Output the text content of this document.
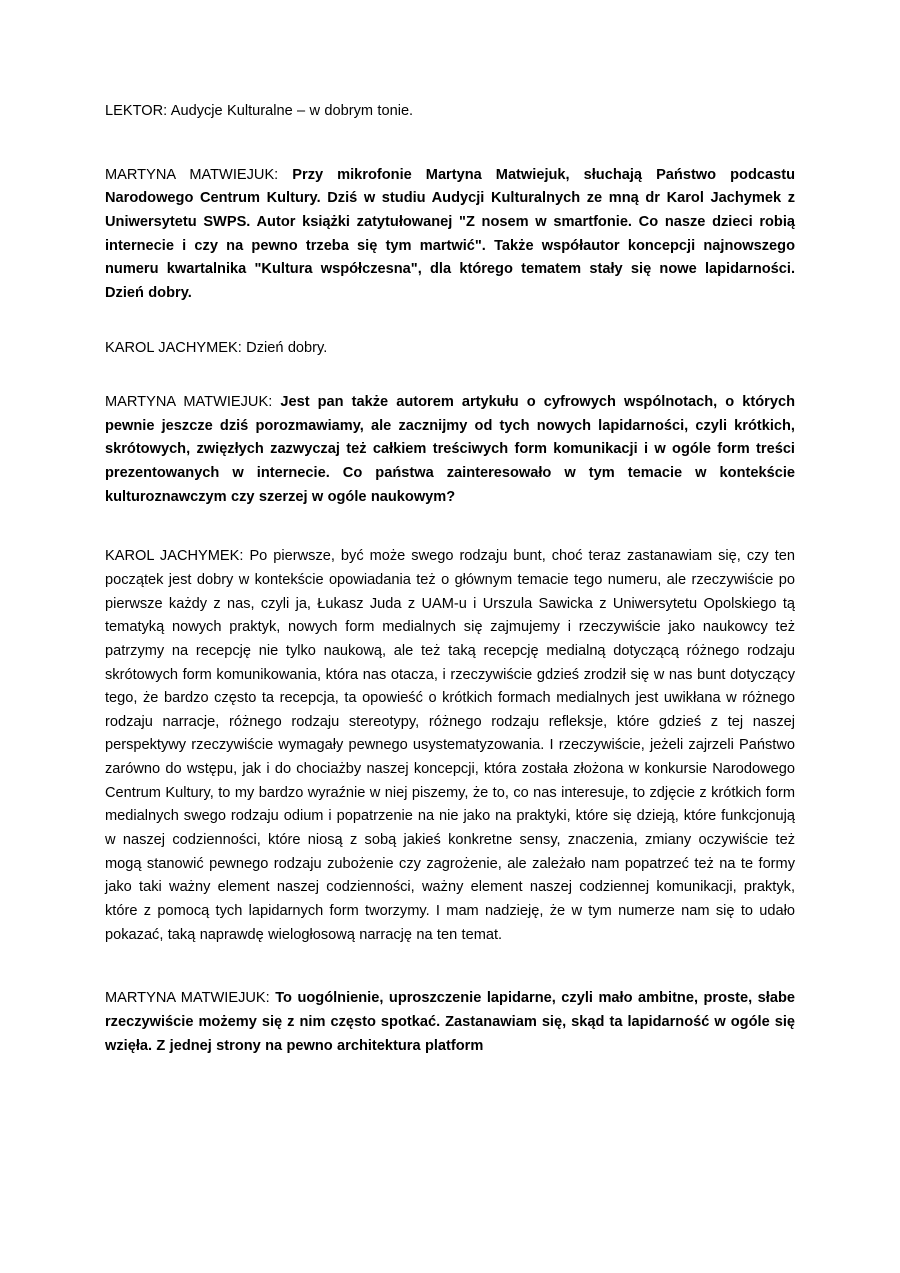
LEKTOR: Audycje Kulturalne – w dobrym tonie.

MARTYNA MATWIEJUK: Przy mikrofonie Martyna Matwiejuk, słuchają Państwo podcastu Narodowego Centrum Kultury. Dziś w studiu Audycji Kulturalnych ze mną dr Karol Jachymek z Uniwersytetu SWPS. Autor książki zatytułowanej "Z nosem w smartfonie. Co nasze dzieci robią internecie i czy na pewno trzeba się tym martwić". Także współautor koncepcji najnowszego numeru kwartalnika "Kultura współczesna", dla którego tematem stały się nowe lapidarności. Dzień dobry.

KAROL JACHYMEK: Dzień dobry.

MARTYNA MATWIEJUK: Jest pan także autorem artykułu o cyfrowych wspólnotach, o których pewnie jeszcze dziś porozmawiamy, ale zacznijmy od tych nowych lapidarności, czyli krótkich, skrótowych, zwięzłych zazwyczaj też całkiem treściwych form komunikacji i w ogóle form treści prezentowanych w internecie. Co państwa zainteresowało w tym temacie w kontekście kulturoznawczym czy szerzej w ogóle naukowym?

KAROL JACHYMEK: Po pierwsze, być może swego rodzaju bunt, choć teraz zastanawiam się, czy ten początek jest dobry w kontekście opowiadania też o głównym temacie tego numeru, ale rzeczywiście po pierwsze każdy z nas, czyli ja, Łukasz Juda z UAM-u i Urszula Sawicka z Uniwersytetu Opolskiego tą tematyką nowych praktyk, nowych form medialnych się zajmujemy i rzeczywiście jako naukowcy też patrzymy na recepcję nie tylko naukową, ale też taką recepcję medialną dotyczącą różnego rodzaju skrótowych form komunikowania, która nas otacza, i rzeczywiście gdzieś zrodził się w nas bunt dotyczący tego, że bardzo często ta recepcja, ta opowieść o krótkich formach medialnych jest uwikłana w różnego rodzaju narracje, różnego rodzaju stereotypy, różnego rodzaju refleksje, które gdzieś z tej naszej perspektywy rzeczywiście wymagały pewnego usystematyzowania. I rzeczywiście, jeżeli zajrzeli Państwo zarówno do wstępu, jak i do chociażby naszej koncepcji, która została złożona w konkursie Narodowego Centrum Kultury, to my bardzo wyraźnie w niej piszemy, że to, co nas interesuje, to zdjęcie z krótkich form medialnych swego rodzaju odium i popatrzenie na nie jako na praktyki, które się dzieją, które funkcjonują w naszej codzienności, które niosą z sobą jakieś konkretne sensy, znaczenia, zmiany oczywiście też mogą stanowić pewnego rodzaju zubożenie czy zagrożenie, ale zależało nam popatrzeć też na te formy jako taki ważny element naszej codzienności, ważny element naszej codziennej komunikacji, praktyk, które z pomocą tych lapidarnych form tworzymy. I mam nadzieję, że w tym numerze nam się to udało pokazać, taką naprawdę wielogłosową narrację na ten temat.

MARTYNA MATWIEJUK: To uogólnienie, uproszczenie lapidarne, czyli mało ambitne, proste, słabe rzeczywiście możemy się z nim często spotkać. Zastanawiam się, skąd ta lapidarność w ogóle się wzięła. Z jednej strony na pewno architektura platform
